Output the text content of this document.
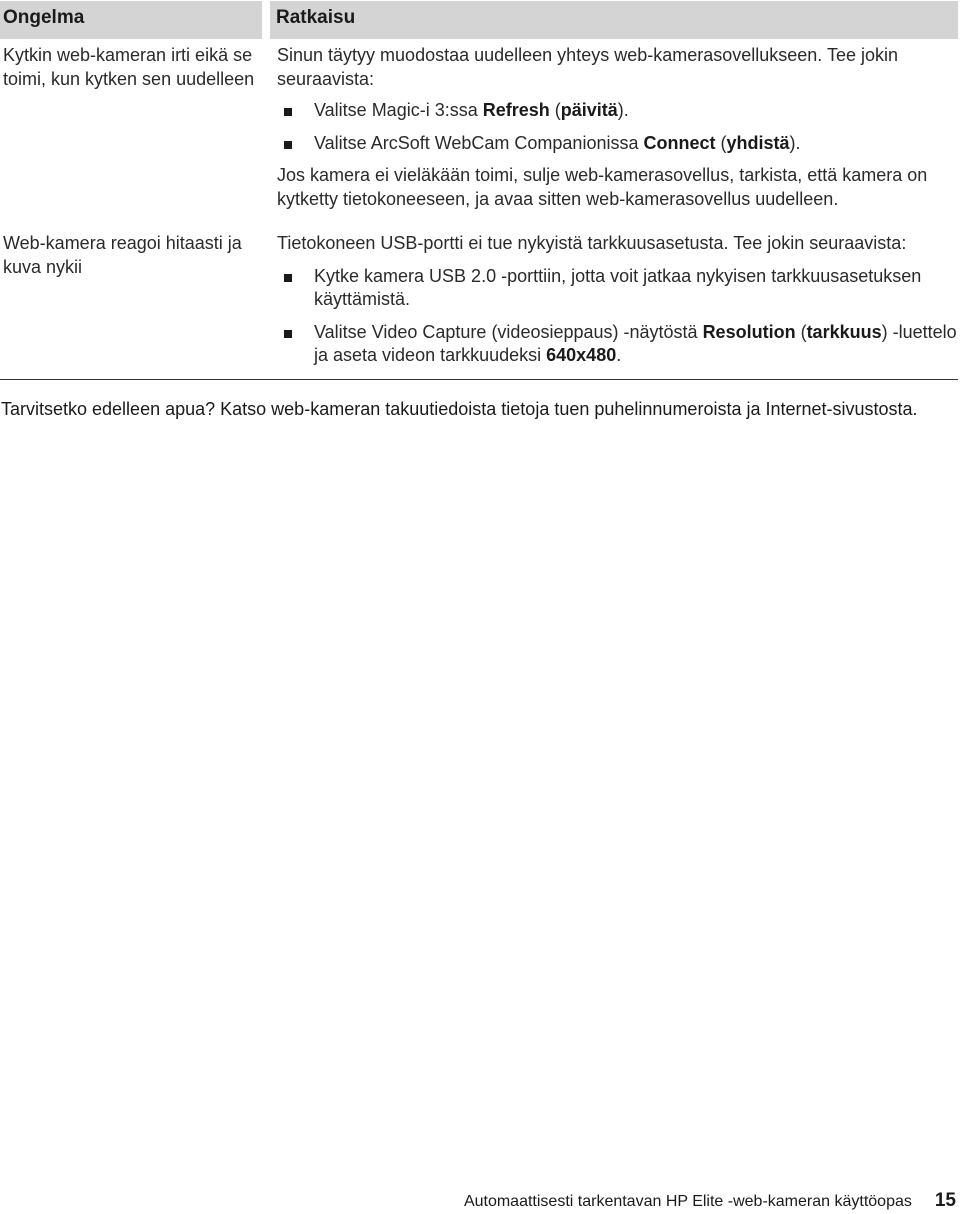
Ongelma	Ratkaisu
Kytkin web-kameran irti eikä se toimi, kun kytken sen uudelleen

Sinun täytyy muodostaa uudelleen yhteys web-kamerasovellukseen. Tee jokin seuraavista:

Valitse Magic-i 3:ssa Refresh (päivitä).
Valitse ArcSoft WebCam Companionissa Connect (yhdistä).

Jos kamera ei vieläkään toimi, sulje web-kamerasovellus, tarkista, että kamera on kytketty tietokoneeseen, ja avaa sitten web-kamerasovellus uudelleen.

Web-kamera reagoi hitaasti ja kuva nykii

Tietokoneen USB-portti ei tue nykyistä tarkkuusasetusta. Tee jokin seuraavista:

Kytke kamera USB 2.0 -porttiin, jotta voit jatkaa nykyisen tarkkuusasetuksen käyttämistä.
Valitse Video Capture (videosieppaus) -näytöstä Resolution (tarkkuus) -luettelo ja aseta videon tarkkuudeksi 640x480.
Tarvitsetko edelleen apua? Katso web-kameran takuutiedoista tietoja tuen puhelinnumeroista ja Internet-sivustosta.
Automaattisesti tarkentavan HP Elite -web-kameran käyttöopas 15
